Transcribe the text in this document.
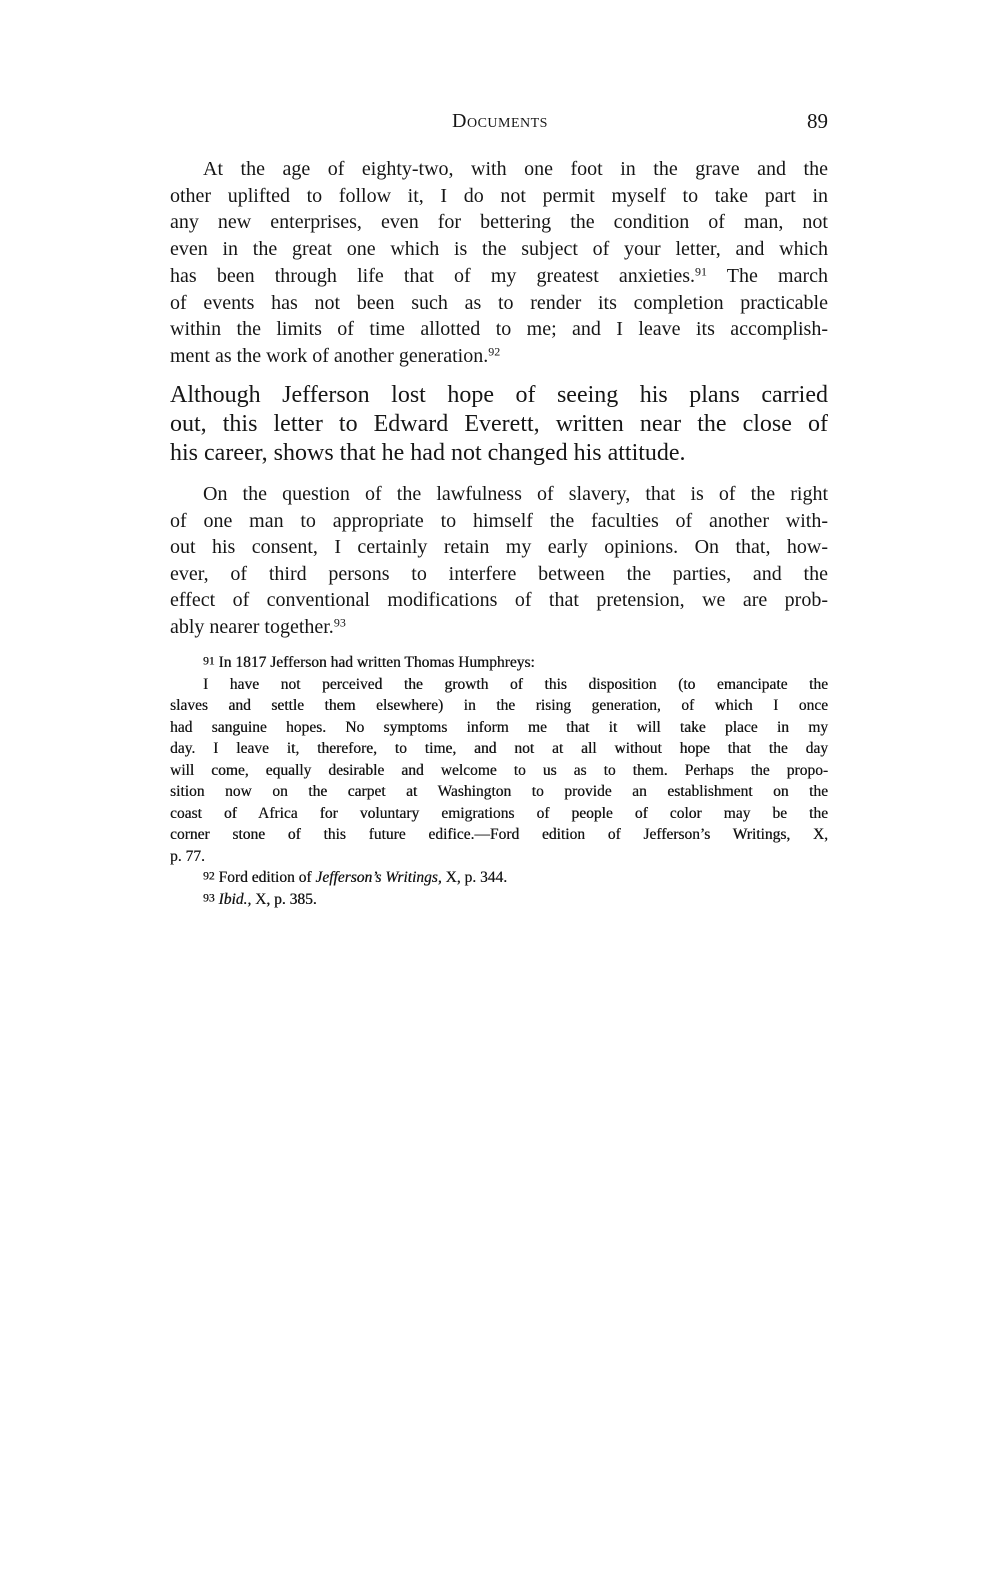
Documents	89
At the age of eighty-two, with one foot in the grave and the
other uplifted to follow it, I do not permit myself to take part in
any new enterprises, even for bettering the condition of man, not
even in the great one which is the subject of your letter, and which
has been through life that of my greatest anxieties.$^{91}$ The march
of events has not been such as to render its completion practicable
within the limits of time allotted to me; and I leave its accomplish-
ment as the work of another generation.$^{92}$
Although Jefferson lost hope of seeing his plans carried
out, this letter to Edward Everett, written near the close of
his career, shows that he had not changed his attitude.
On the question of the lawfulness of slavery, that is of the right
of one man to appropriate to himself the faculties of another with-
out his consent, I certainly retain my early opinions. On that, how-
ever, of third persons to interfere between the parties, and the
effect of conventional modifications of that pretension, we are prob-
ably nearer together.$^{93}$
$^{91}$ In 1817 Jefferson had written Thomas Humphreys:
I have not perceived the growth of this disposition (to emancipate the
slaves and settle them elsewhere) in the rising generation, of which I once
had sanguine hopes. No symptoms inform me that it will take place in my
day. I leave it, therefore, to time, and not at all without hope that the day
will come, equally desirable and welcome to us as to them. Perhaps the propo-
sition now on the carpet at Washington to provide an establishment on the
coast of Africa for voluntary emigrations of people of color may be the
corner stone of this future edifice.—Ford edition of Jefferson’s Writings, X,
p. 77.
$^{92}$ Ford edition of Jefferson’s Writings, X, p. 344.
$^{93}$ Ibid., X, p. 385.
